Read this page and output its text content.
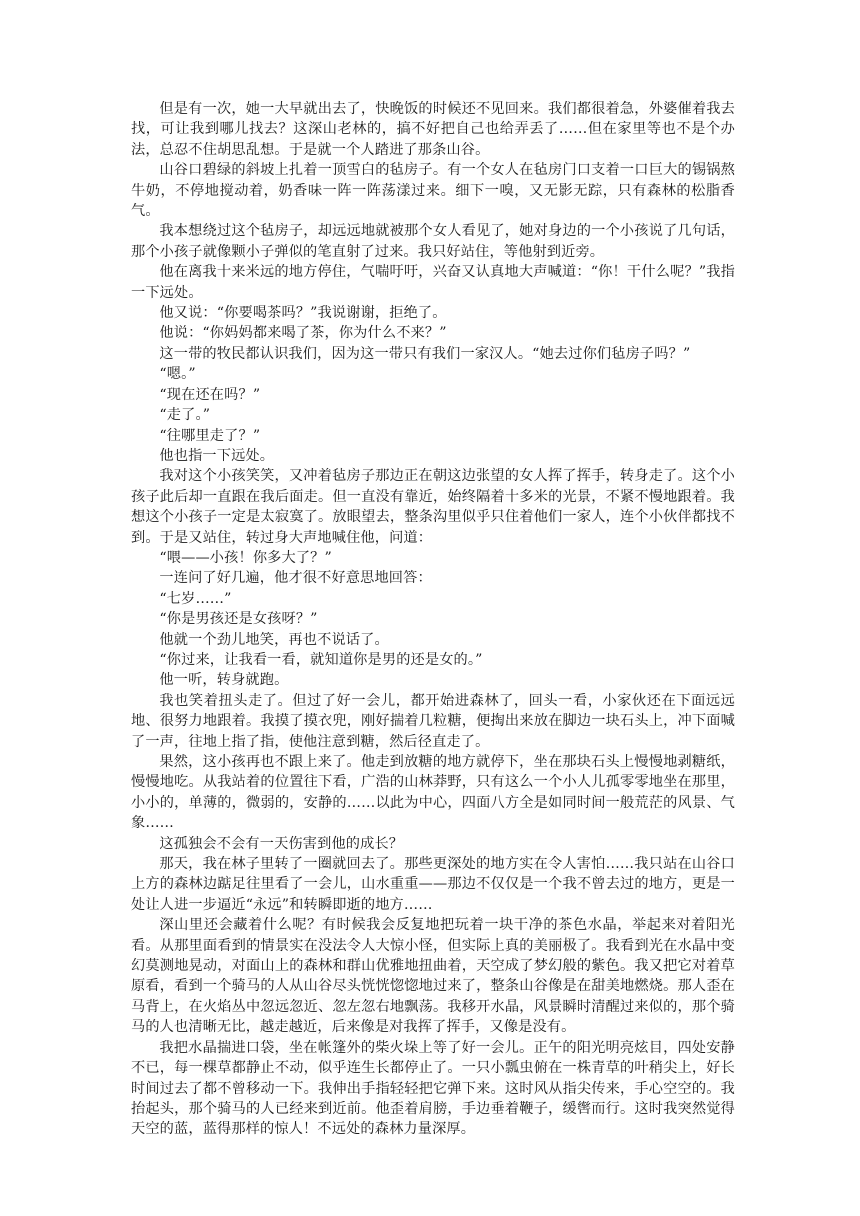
但是有一次，她一大早就出去了，快晚饭的时候还不见回来。我们都很着急，外婆催着我去找，可让我到哪儿找去？这深山老林的，搞不好把自己也给弄丢了……但在家里等也不是个办法，总忍不住胡思乱想。于是就一个人踏进了那条山谷。

山谷口碧绿的斜坡上扎着一顶雪白的毡房子。有一个女人在毡房门口支着一口巨大的锡锅熬牛奶，不停地搅动着，奶香味一阵一阵荡漾过来。细下一嗅，又无影无踪，只有森林的松脂香气。

我本想绕过这个毡房子，却远远地就被那个女人看见了，她对身边的一个小孩说了几句话，那个小孩子就像颗小子弹似的笔直射了过来。我只好站住，等他射到近旁。

他在离我十来米远的地方停住，气喘吁吁，兴奋又认真地大声喊道：“你！干什么呢？”我指一下远处。

他又说：“你要喝茶吗？”我说谢谢，拒绝了。

他说：“你妈妈都来喝了茶，你为什么不来？”

这一带的牧民都认识我们，因为这一带只有我们一家汉人。“她去过你们毡房子吗？”

“嗯。”

“现在还在吗？”

“走了。”

“往哪里走了？”

他也指一下远处。

我对这个小孩笑笑，又冲着毡房子那边正在朝这边张望的女人挥了挥手，转身走了。这个小孩子此后却一直跟在我后面走。但一直没有靠近，始终隔着十多米的光景，不紧不慢地跟着。我想这个小孩子一定是太寂寞了。放眼望去，整条沟里似乎只住着他们一家人，连个小伙伴都找不到。于是又站住，转过身大声地喊住他，问道：

“喂——小孩！你多大了？”

一连问了好几遍，他才很不好意思地回答：

“七岁……”

“你是男孩还是女孩呀？”

他就一个劲儿地笑，再也不说话了。

“你过来，让我看一看，就知道你是男的还是女的。”

他一听，转身就跑。

我也笑着扭头走了。但过了好一会儿，都开始进森林了，回头一看，小家伙还在下面远远地、很努力地跟着。我摸了摸衣兜，刚好揣着几粒糖，便掏出来放在脚边一块石头上，冲下面喊了一声，往地上指了指，使他注意到糖，然后径直走了。

果然，这小孩再也不跟上来了。他走到放糖的地方就停下，坐在那块石头上慢慢地剥糖纸，慢慢地吃。从我站着的位置往下看，广浩的山林莽野，只有这么一个小人儿孤零零地坐在那里，小小的，单薄的，微弱的，安静的……以此为中心，四面八方全是如同时间一般荒茫的风景、气象……

这孤独会不会有一天伤害到他的成长？

那天，我在林子里转了一圈就回去了。那些更深处的地方实在令人害怕……我只站在山谷口上方的森林边踮足往里看了一会儿，山水重重——那边不仅仅是一个我不曾去过的地方，更是一处让人进一步逼近“永远”和转瞬即逝的地方……

深山里还会藏着什么呢？有时候我会反复地把玩着一块干净的茶色水晶，举起来对着阳光看。从那里面看到的情景实在没法令人大惊小怪，但实际上真的美丽极了。我看到光在水晶中变幻莫测地晃动，对面山上的森林和群山优雅地扭曲着，天空成了梦幻般的紫色。我又把它对着草原看，看到一个骑马的人从山谷尽头恍恍惚惚地过来了，整条山谷像是在甜美地燃烧。那人歪在马背上，在火焰丛中忽远忽近、忽左忽右地飘荡。我移开水晶，风景瞬时清醒过来似的，那个骑马的人也清晰无比，越走越近，后来像是对我挥了挥手，又像是没有。

我把水晶揣进口袋，坐在帐篷外的柴火垛上等了好一会儿。正午的阳光明亮炫目，四处安静不已，每一棵草都静止不动，似乎连生长都停止了。一只小瓢虫俯在一株青草的叶稍尖上，好长时间过去了都不曾移动一下。我伸出手指轻轻把它弹下来。这时风从指尖传来，手心空空的。我抬起头，那个骑马的人已经来到近前。他歪着肩膀，手边垂着鞭子，缓辔而行。这时我突然觉得天空的蓝，蓝得那样的惊人！不远处的森林力量深厚。
